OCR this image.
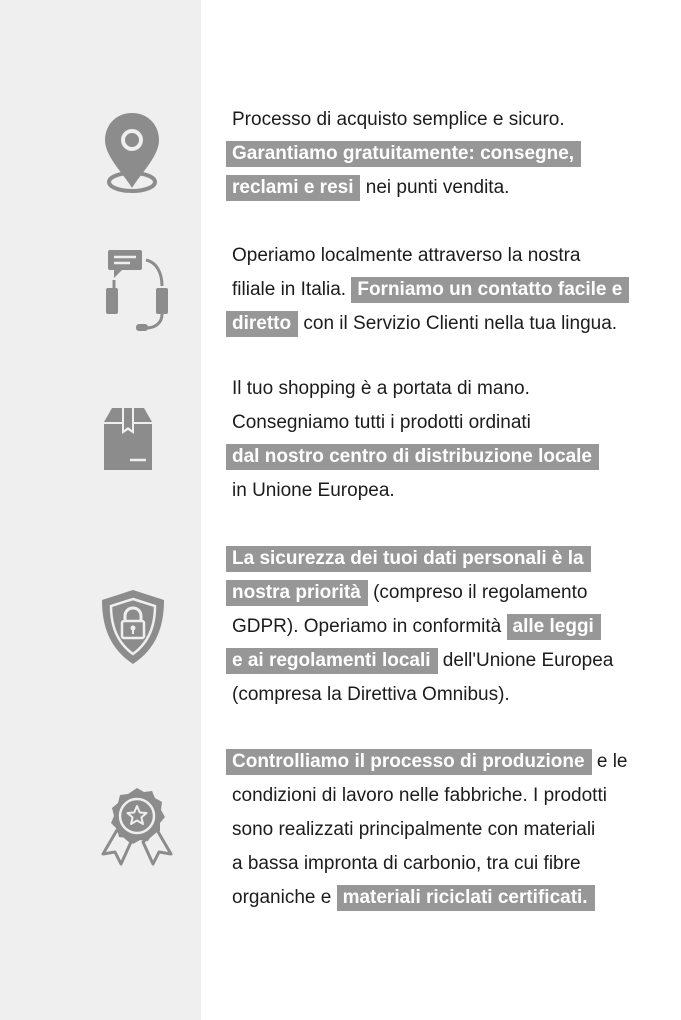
Processo di acquisto semplice e sicuro.
Garantiamo gratuitamente: consegne,
reclami e resi nei punti vendita.
Operiamo localmente attraverso la nostra
filiale in Italia. Forniamo un contatto facile e
diretto con il Servizio Clienti nella tua lingua.
Il tuo shopping è a portata di mano.
Consegniamo tutti i prodotti ordinati
dal nostro centro di distribuzione locale
in Unione Europea.
La sicurezza dei tuoi dati personali è la
nostra priorità (compreso il regolamento
GDPR). Operiamo in conformità alle leggi
e ai regolamenti locali dell'Unione Europea
(compresa la Direttiva Omnibus).
Controlliamo il processo di produzione e le
condizioni di lavoro nelle fabbriche. I prodotti
sono realizzati principalmente con materiali
a bassa impronta di carbonio, tra cui fibre
organiche e materiali riciclati certificati.
